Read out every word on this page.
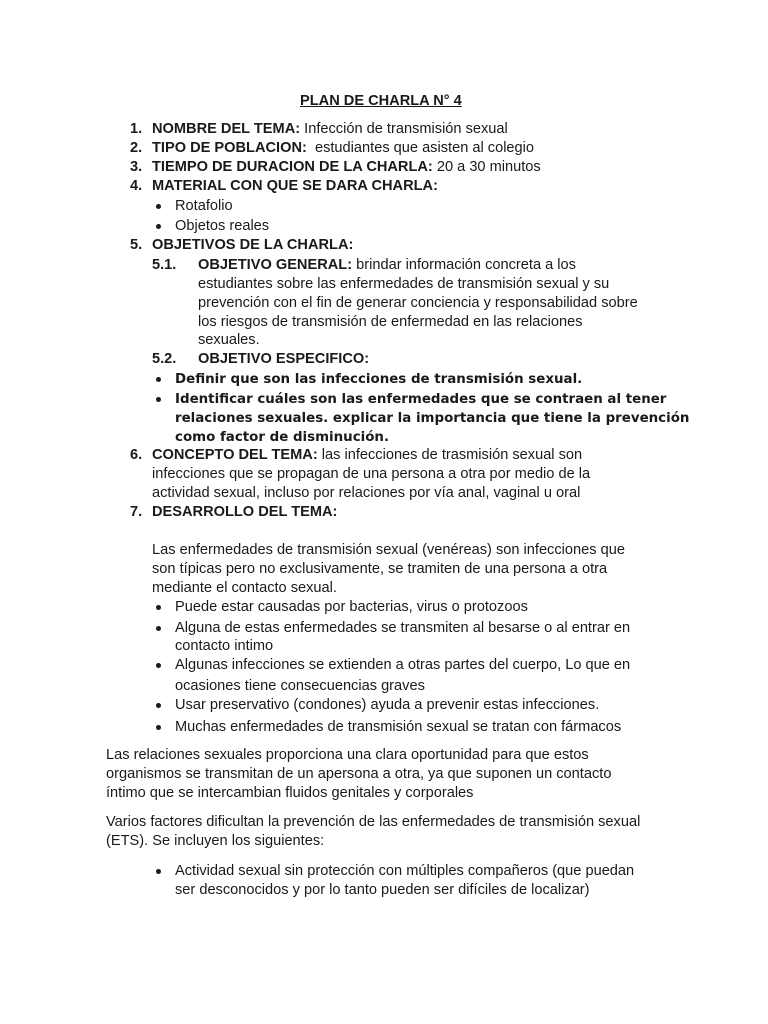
PLAN DE CHARLA N° 4
1. NOMBRE DEL TEMA: Infección de transmisión sexual
2. TIPO DE POBLACION: estudiantes que asisten al colegio
3. TIEMPO DE DURACION DE LA CHARLA: 20 a 30 minutos
4. MATERIAL CON QUE SE DARA CHARLA:
Rotafolio
Objetos reales
5. OBJETIVOS DE LA CHARLA:
5.1. OBJETIVO GENERAL: brindar información concreta a los
estudiantes sobre las enfermedades de transmisión sexual y su
prevención con el fin de generar conciencia y responsabilidad sobre
los riesgos de transmisión de enfermedad en las relaciones
sexuales.
5.2. OBJETIVO ESPECIFICO:
Definir que son las infecciones de transmisión sexual.
Identificar cuáles son las enfermedades que se contraen al tener
relaciones sexuales. explicar la importancia que tiene la prevención
como factor de disminución.
6. CONCEPTO DEL TEMA: las infecciones de trasmisión sexual son
infecciones que se propagan de una persona a otra por medio de la
actividad sexual, incluso por relaciones por vía anal, vaginal u oral
7. DESARROLLO DEL TEMA:
Las enfermedades de transmisión sexual (venéreas) son infecciones que
son típicas pero no exclusivamente, se tramiten de una persona a otra
mediante el contacto sexual.
Puede estar causadas por bacterias, virus o protozoos
Alguna de estas enfermedades se transmiten al besarse o al entrar en
contacto intimo
Algunas infecciones se extienden a otras partes del cuerpo, Lo que en
ocasiones tiene consecuencias graves
Usar preservativo (condones) ayuda a prevenir estas infecciones.
Muchas enfermedades de transmisión sexual se tratan con fármacos
Las relaciones sexuales proporciona una clara oportunidad para que estos
organismos se transmitan de un apersona a otra, ya que suponen un contacto
íntimo que se intercambian fluidos genitales y corporales
Varios factores dificultan la prevención de las enfermedades de transmisión sexual
(ETS). Se incluyen los siguientes:
Actividad sexual sin protección con múltiples compañeros (que puedan
ser desconocidos y por lo tanto pueden ser difíciles de localizar)
